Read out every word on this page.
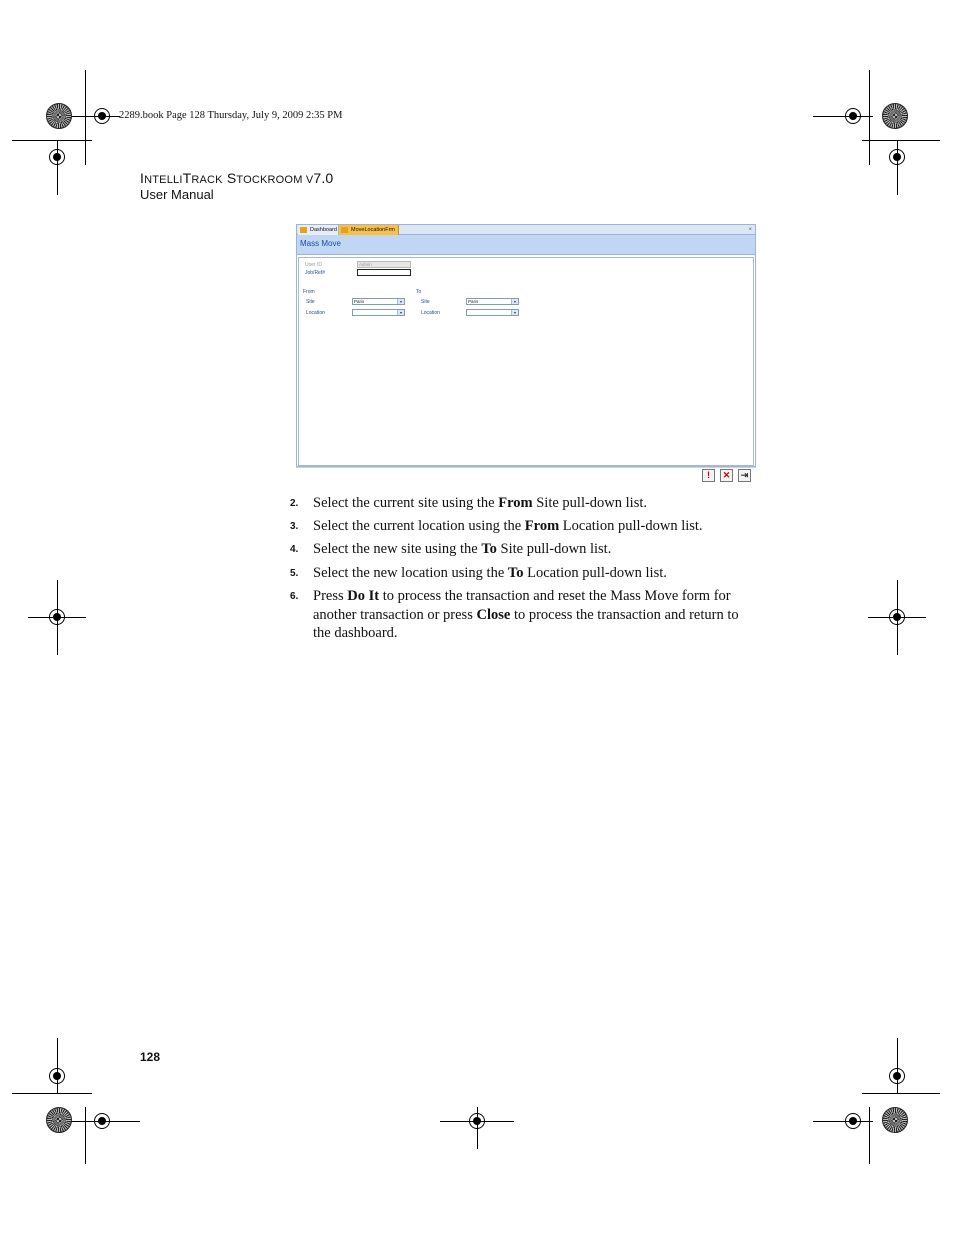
2289.book Page 128 Thursday, July 9, 2009 2:35 PM
INTELLITRACK STOCKROOM V7.0
User Manual
Dashboard	MoveLocationFrm	×
Mass Move
User ID	Admin
Job/Ref#
From
Site	Paris	▾
Location	▾
To
Site	Paris	▾
Location	▾
!	✕	⇥
2. Select the current site using the From Site pull-down list.
3. Select the current location using the From Location pull-down list.
4. Select the new site using the To Site pull-down list.
5. Select the new location using the To Location pull-down list.
6. Press Do It to process the transaction and reset the Mass Move form for another transaction or press Close to process the transaction and return to the dashboard.
128
